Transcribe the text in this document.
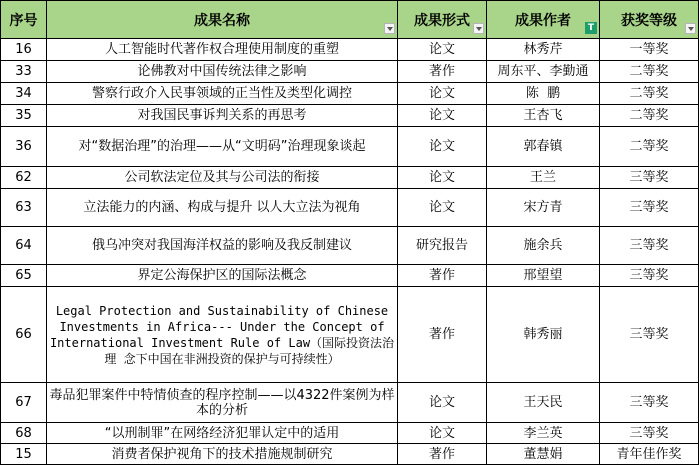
序号	成果名称	成果形式	成果作者 T	获奖等级

16	人工智能时代著作权合理使用制度的重塑	论文	林秀芹	一等奖
33	论佛教对中国传统法律之影响	著作	周东平、李勤通	二等奖
34	警察行政介入民事领域的正当性及类型化调控	论文	陈  鹏	二等奖
35	对我国民事诉判关系的再思考	论文	王杏飞	二等奖
36	对“数据治理”的治理——从“文明码”治理现象谈起	论文	郭春镇	二等奖
62	公司软法定位及其与公司法的衔接	论文	王兰	三等奖
63	立法能力的内涵、构成与提升 以人大立法为视角	论文	宋方青	三等奖
64	俄乌冲突对我国海洋权益的影响及我反制建议	研究报告	施余兵	三等奖
65	界定公海保护区的国际法概念	著作	邢望望	三等奖
66	Legal Protection and Sustainability of Chinese Investments in Africa--- Under the Concept of International Investment Rule of Law（国际投资法治理 念下中国在非洲投资的保护与可持续性）	著作	韩秀丽	三等奖
67	毒品犯罪案件中特情侦查的程序控制——以4322件案例为样本的分析	论文	王天民	三等奖
68	“以刑制罪”在网络经济犯罪认定中的适用	论文	李兰英	三等奖
15	消费者保护视角下的技术措施规制研究	著作	董慧娟	青年佳作奖
